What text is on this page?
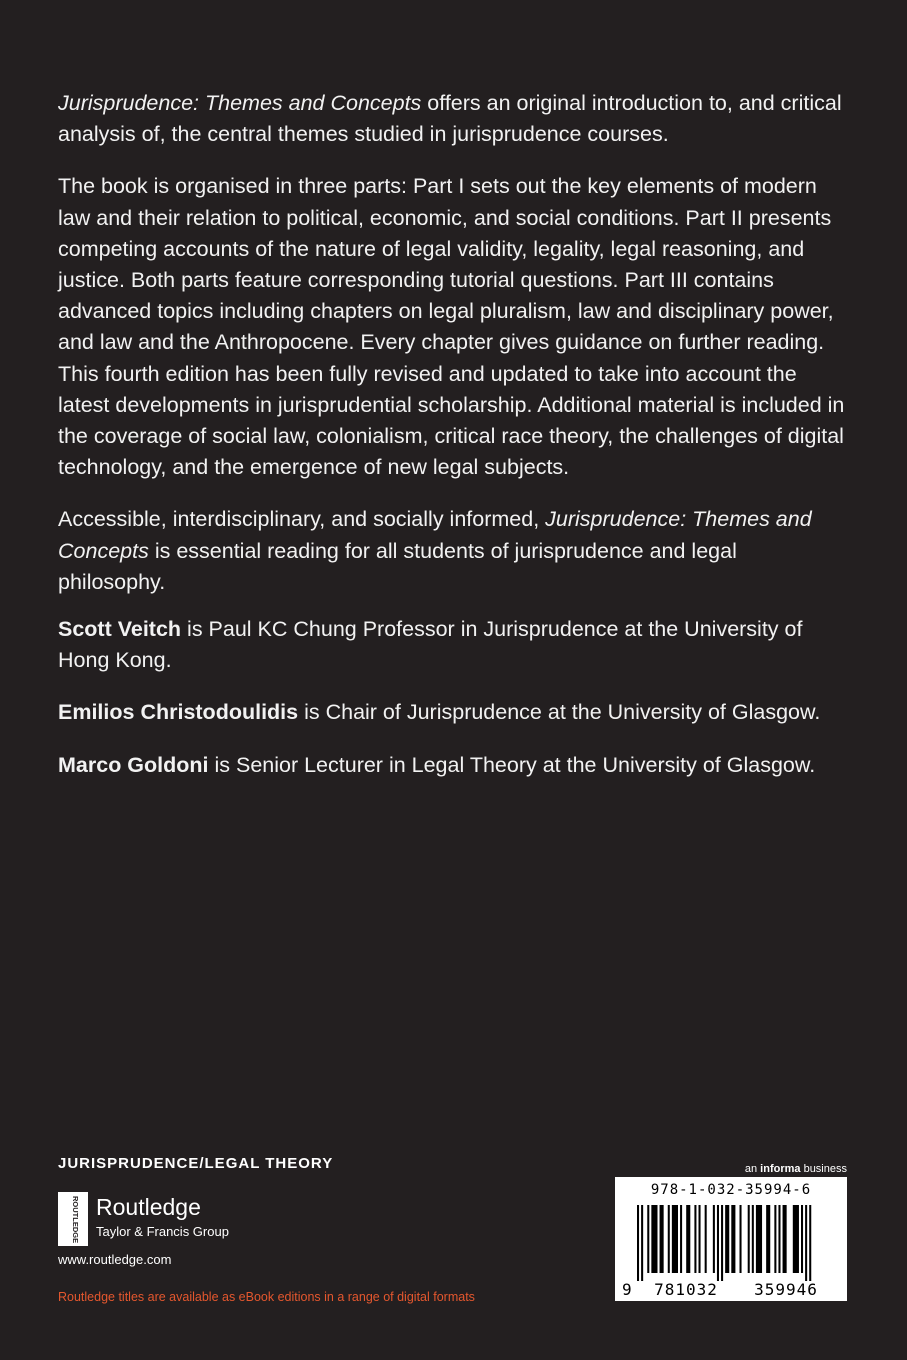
Jurisprudence: Themes and Concepts offers an original introduction to, and critical analysis of, the central themes studied in jurisprudence courses.

The book is organised in three parts: Part I sets out the key elements of modern law and their relation to political, economic, and social conditions. Part II presents competing accounts of the nature of legal validity, legality, legal reasoning, and justice. Both parts feature corresponding tutorial questions. Part III contains advanced topics including chapters on legal pluralism, law and disciplinary power, and law and the Anthropocene. Every chapter gives guidance on further reading. This fourth edition has been fully revised and updated to take into account the latest developments in jurisprudential scholarship. Additional material is included in the coverage of social law, colonialism, critical race theory, the challenges of digital technology, and the emergence of new legal subjects.

Accessible, interdisciplinary, and socially informed, Jurisprudence: Themes and Concepts is essential reading for all students of jurisprudence and legal philosophy.

Scott Veitch is Paul KC Chung Professor in Jurisprudence at the University of Hong Kong.

Emilios Christodoulidis is Chair of Jurisprudence at the University of Glasgow.

Marco Goldoni is Senior Lecturer in Legal Theory at the University of Glasgow.

JURISPRUDENCE/LEGAL THEORY
ROUTLEDGE Routledge
Taylor & Francis Group
www.routledge.com
Routledge titles are available as eBook editions in a range of digital formats
an informa business
978-1-032-35994-6
9 781032 359946
